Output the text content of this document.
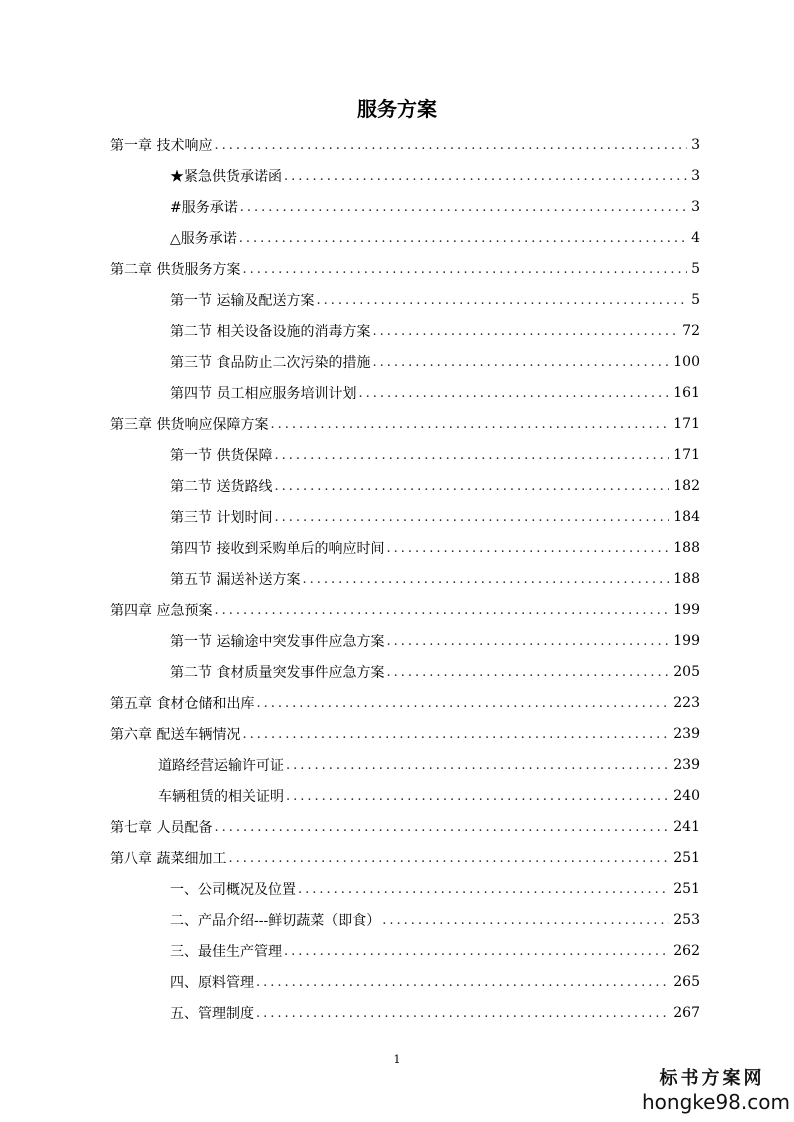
服务方案
第一章 技术响应 .....	3
★紧急供货承诺函 .....	3
#服务承诺 .....	3
△服务承诺 .....	4
第二章 供货服务方案 .....	5
第一节 运输及配送方案 .....	5
第二节 相关设备设施的消毒方案 .....	72
第三节 食品防止二次污染的措施 .....	100
第四节 员工相应服务培训计划 .....	161
第三章 供货响应保障方案 .....	171
第一节 供货保障 .....	171
第二节 送货路线 .....	182
第三节 计划时间 .....	184
第四节 接收到采购单后的响应时间 .....	188
第五节 漏送补送方案 .....	188
第四章 应急预案 .....	199
第一节 运输途中突发事件应急方案 .....	199
第二节 食材质量突发事件应急方案 .....	205
第五章 食材仓储和出库 .....	223
第六章 配送车辆情况 .....	239
道路经营运输许可证 .....	239
车辆租赁的相关证明 .....	240
第七章 人员配备 .....	241
第八章 蔬菜细加工 .....	251
一、公司概况及位置 .....	251
二、产品介绍---鲜切蔬菜（即食） .....	253
三、最佳生产管理 .....	262
四、原料管理 .....	265
五、管理制度 .....	267
1
标书方案网
hongke98.com
